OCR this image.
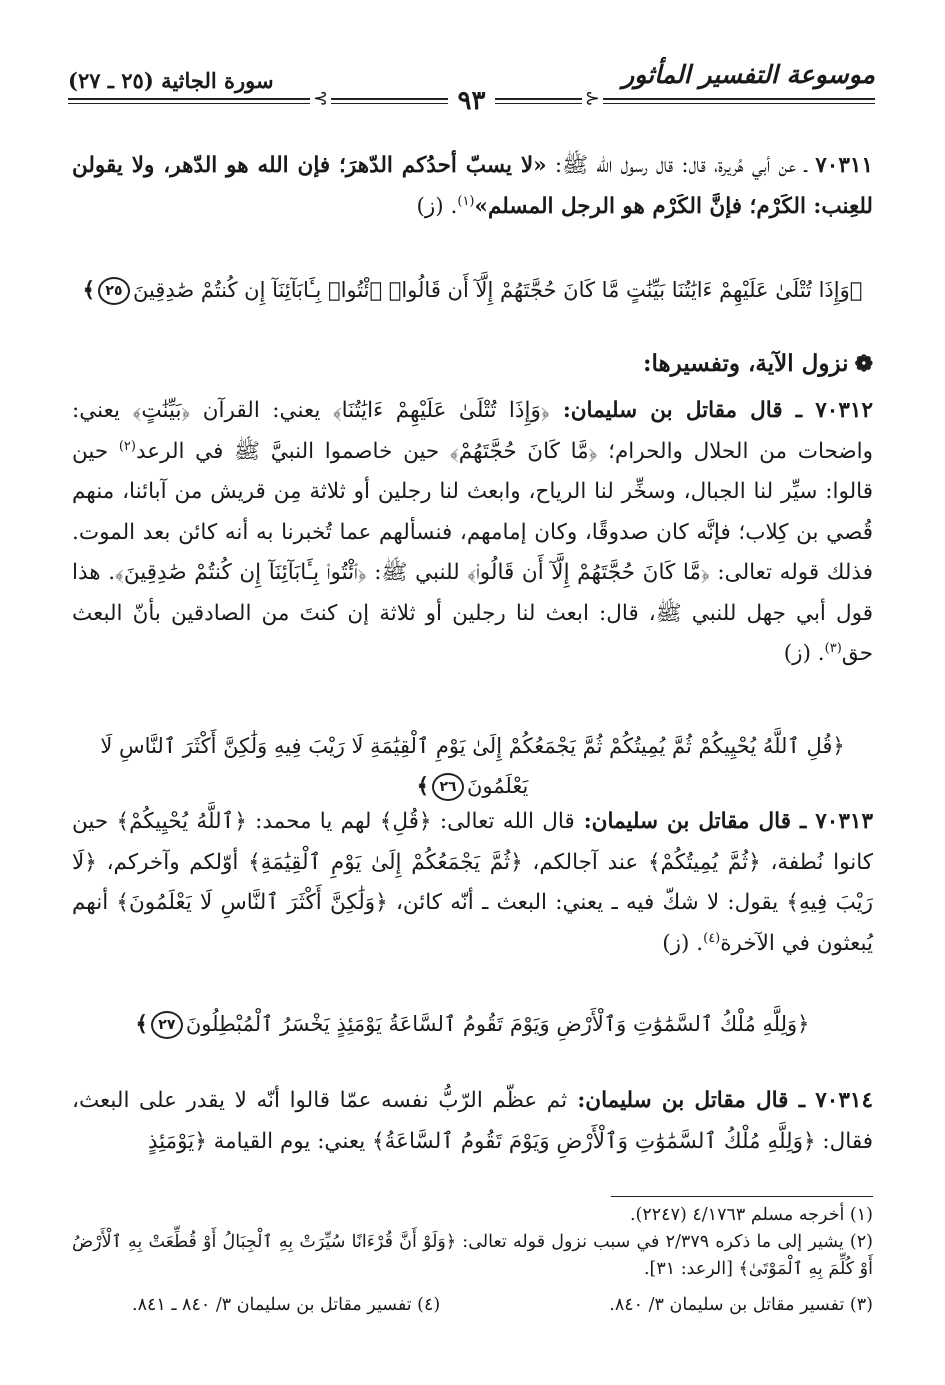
موسوعة التفسير المأثور
سورة الجاثية (٢٥ ـ ٢٧)
⊰
٩٣
⊱

٧٠٣١١ ـ عن أبي هُريرة، قال: قال رسول الله ﷺ: «لا يسبّ أحدُكم الدّهرَ؛ فإن الله هو الدّهر، ولا يقولن للعِنب: الكَرْم؛ فإنَّ الكَرْم هو الرجل المسلم»$^{(١)}$. (ز)

﴿وَإِذَا تُتْلَىٰ عَلَيْهِمْ ءَايَٰتُنَا بَيِّنَٰتٍ مَّا كَانَ حُجَّتَهُمْ إِلَّآ أَن قَالُوا۟ ٱئْتُوا۟ بِـَٔابَآئِنَآ إِن كُنتُمْ صَٰدِقِينَ٢٥﴾

❁نزول الآية، وتفسيرها:

٧٠٣١٢ ـ قال مقاتل بن سليمان: ﴿وَإِذَا تُتْلَىٰ عَلَيْهِمْ ءَايَٰتُنَا﴾ يعني: القرآن ﴿بَيِّنَٰتٍ﴾ يعني: واضحات من الحلال والحرام؛ ﴿مَّا كَانَ حُجَّتَهُمْ﴾ حين خاصموا النبيَّ ﷺ في الرعد$^{(٢)}$ حين قالوا: سيِّر لنا الجبال، وسخِّر لنا الرياح، وابعث لنا رجلين أو ثلاثة مِن قريش من آبائنا، منهم قُصي بن كِلاب؛ فإنَّه كان صدوقًا، وكان إمامهم، فنسألهم عما تُخبرنا به أنه كائن بعد الموت. فذلك قوله تعالى: ﴿مَّا كَانَ حُجَّتَهُمْ إِلَّآ أَن قَالُوا۟﴾ للنبي ﷺ: ﴿ٱئْتُوا۟ بِـَٔابَآئِنَآ إِن كُنتُمْ صَٰدِقِينَ﴾. هذا قول أبي جهل للنبي ﷺ، قال: ابعث لنا رجلين أو ثلاثة إن كنتَ من الصادقين بأنّ البعث حق$^{(٣)}$. (ز)

﴿قُلِ ٱللَّهُ يُحْيِيكُمْ ثُمَّ يُمِيتُكُمْ ثُمَّ يَجْمَعُكُمْ إِلَىٰ يَوْمِ ٱلْقِيَٰمَةِ لَا رَيْبَ فِيهِ وَلَٰكِنَّ أَكْثَرَ ٱلنَّاسِ لَا يَعْلَمُونَ٢٦﴾

٧٠٣١٣ ـ قال مقاتل بن سليمان: قال الله تعالى: ﴿قُلِ﴾ لهم يا محمد: ﴿ٱللَّهُ يُحْيِيكُمْ﴾ حين كانوا نُطفة، ﴿ثُمَّ يُمِيتُكُمْ﴾ عند آجالكم، ﴿ثُمَّ يَجْمَعُكُمْ إِلَىٰ يَوْمِ ٱلْقِيَٰمَةِ﴾ أوّلكم وآخركم، ﴿لَا رَيْبَ فِيهِ﴾ يقول: لا شكّ فيه ـ يعني: البعث ـ أنّه كائن، ﴿وَلَٰكِنَّ أَكْثَرَ ٱلنَّاسِ لَا يَعْلَمُونَ﴾ أنهم يُبعثون في الآخرة$^{(٤)}$. (ز)

﴿وَلِلَّهِ مُلْكُ ٱلسَّمَٰوَٰتِ وَٱلْأَرْضِ وَيَوْمَ تَقُومُ ٱلسَّاعَةُ يَوْمَئِذٍ يَخْسَرُ ٱلْمُبْطِلُونَ٢٧﴾

٧٠٣١٤ ـ قال مقاتل بن سليمان: ثم عظّم الرّبُّ نفسه عمّا قالوا أنّه لا يقدر على البعث، فقال: ﴿وَلِلَّهِ مُلْكُ ٱلسَّمَٰوَٰتِ وَٱلْأَرْضِ وَيَوْمَ تَقُومُ ٱلسَّاعَةُ﴾ يعني: يوم القيامة ﴿يَوْمَئِذٍ

(١) أخرجه مسلم ٤/١٧٦٣ (٢٢٤٧).
(٢) يشير إلى ما ذكره ٢/٣٧٩ في سبب نزول قوله تعالى: ﴿وَلَوْ أَنَّ قُرْءَانًا سُيِّرَتْ بِهِ ٱلْجِبَالُ أَوْ قُطِّعَتْ بِهِ ٱلْأَرْضُ أَوْ كُلِّمَ بِهِ ٱلْمَوْتَىٰ﴾ [الرعد: ٣١].
(٣) تفسير مقاتل بن سليمان ٣/ ٨٤٠.
(٤) تفسير مقاتل بن سليمان ٣/ ٨٤٠ ـ ٨٤١.
